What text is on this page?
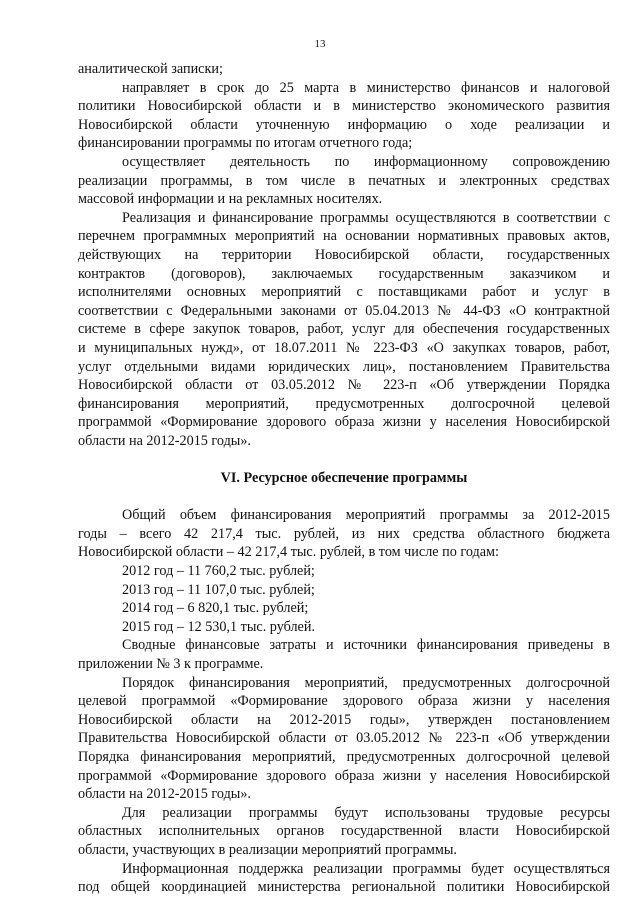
13
аналитической записки;
направляет в срок до 25 марта в министерство финансов и налоговой
политики Новосибирской области и в министерство экономического развития
Новосибирской области уточненную информацию о ходе реализации и
финансировании программы по итогам отчетного года;
осуществляет деятельность по информационному сопровождению
реализации программы, в том числе в печатных и электронных средствах
массовой информации и на рекламных носителях.
Реализация и финансирование программы осуществляются в соответствии с
перечнем программных мероприятий на основании нормативных правовых актов,
действующих на территории Новосибирской области, государственных
контрактов (договоров), заключаемых государственным заказчиком и
исполнителями основных мероприятий с поставщиками работ и услуг в
соответствии с Федеральными законами от 05.04.2013 № 44-ФЗ «О контрактной
системе в сфере закупок товаров, работ, услуг для обеспечения государственных
и муниципальных нужд», от 18.07.2011 № 223-ФЗ «О закупках товаров, работ,
услуг отдельными видами юридических лиц», постановлением Правительства
Новосибирской области от 03.05.2012 № 223-п «Об утверждении Порядка
финансирования мероприятий, предусмотренных долгосрочной целевой
программой «Формирование здорового образа жизни у населения Новосибирской
области на 2012-2015 годы».
VI. Ресурсное обеспечение программы
Общий объем финансирования мероприятий программы за 2012-2015
годы – всего 42 217,4 тыс. рублей, из них средства областного бюджета
Новосибирской области – 42 217,4 тыс. рублей, в том числе по годам:
2012 год – 11 760,2 тыс. рублей;
2013 год – 11 107,0 тыс. рублей;
2014 год – 6 820,1 тыс. рублей;
2015 год – 12 530,1 тыс. рублей.
Сводные финансовые затраты и источники финансирования приведены в
приложении № 3 к программе.
Порядок финансирования мероприятий, предусмотренных долгосрочной
целевой программой «Формирование здорового образа жизни у населения
Новосибирской области на 2012-2015 годы», утвержден постановлением
Правительства Новосибирской области от 03.05.2012 № 223-п «Об утверждении
Порядка финансирования мероприятий, предусмотренных долгосрочной целевой
программой «Формирование здорового образа жизни у населения Новосибирской
области на 2012-2015 годы».
Для реализации программы будут использованы трудовые ресурсы
областных исполнительных органов государственной власти Новосибирской
области, участвующих в реализации мероприятий программы.
Информационная поддержка реализации программы будет осуществляться
под общей координацией министерства региональной политики Новосибирской
